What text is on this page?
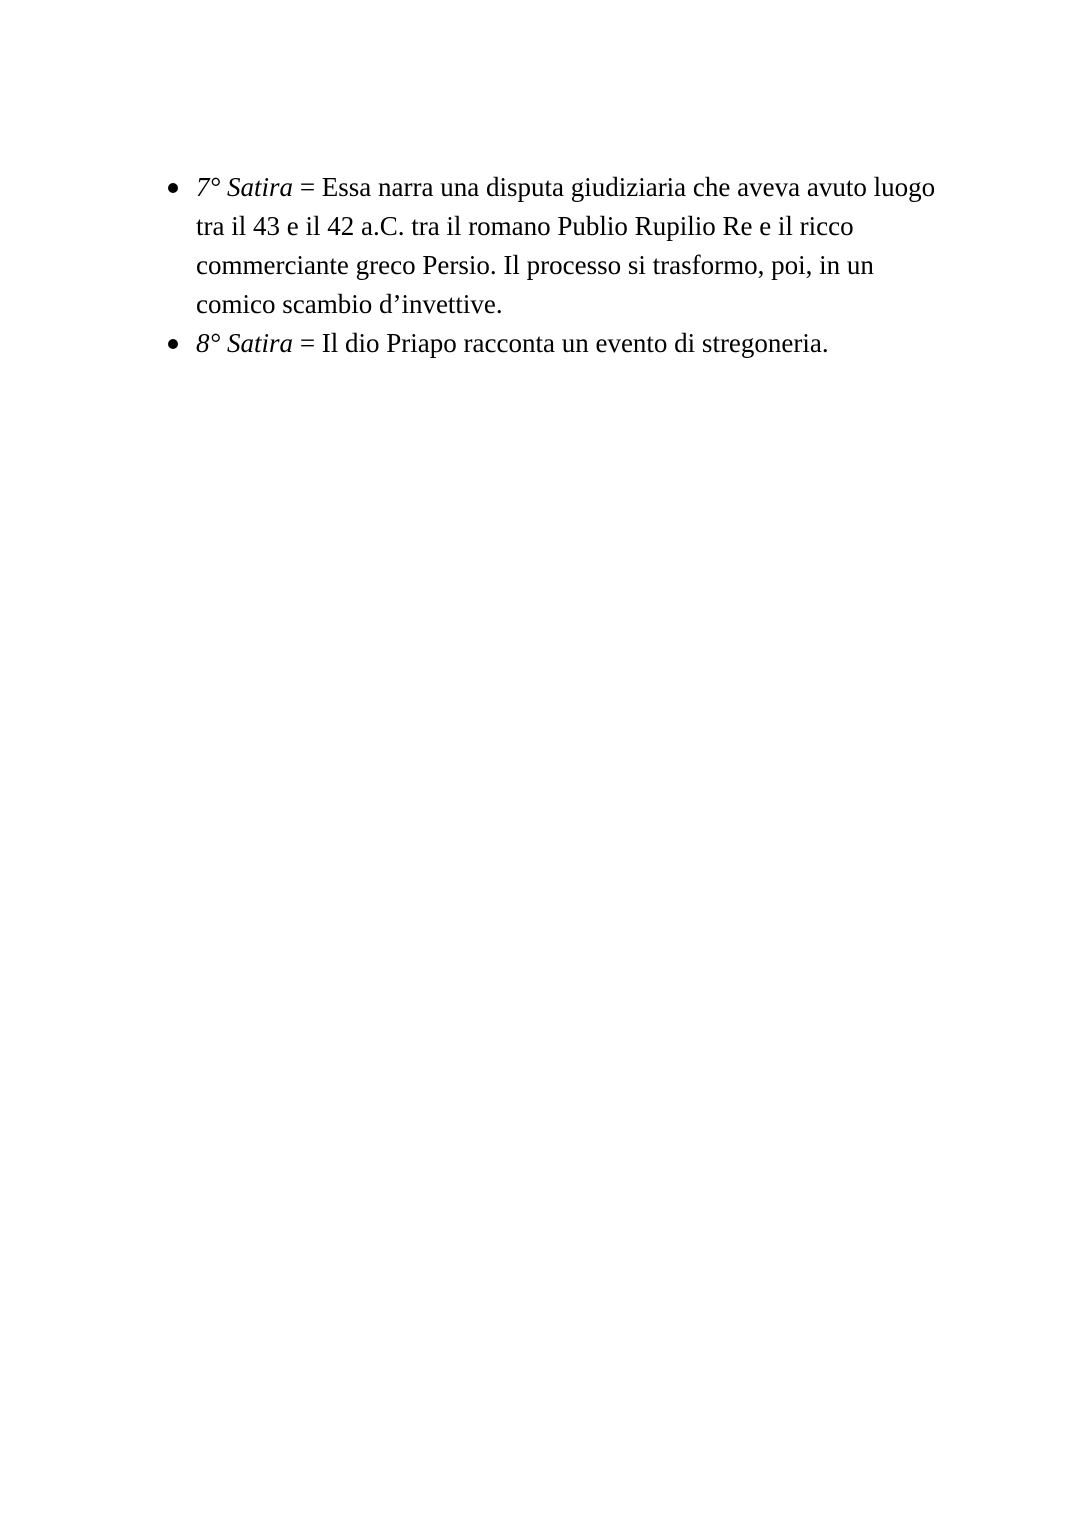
7° Satira = Essa narra una disputa giudiziaria che aveva avuto luogo tra il 43 e il 42 a.C. tra il romano Publio Rupilio Re e il ricco commerciante greco Persio. Il processo si trasformo, poi, in un comico scambio d’invettive.
8° Satira = Il dio Priapo racconta un evento di stregoneria.
